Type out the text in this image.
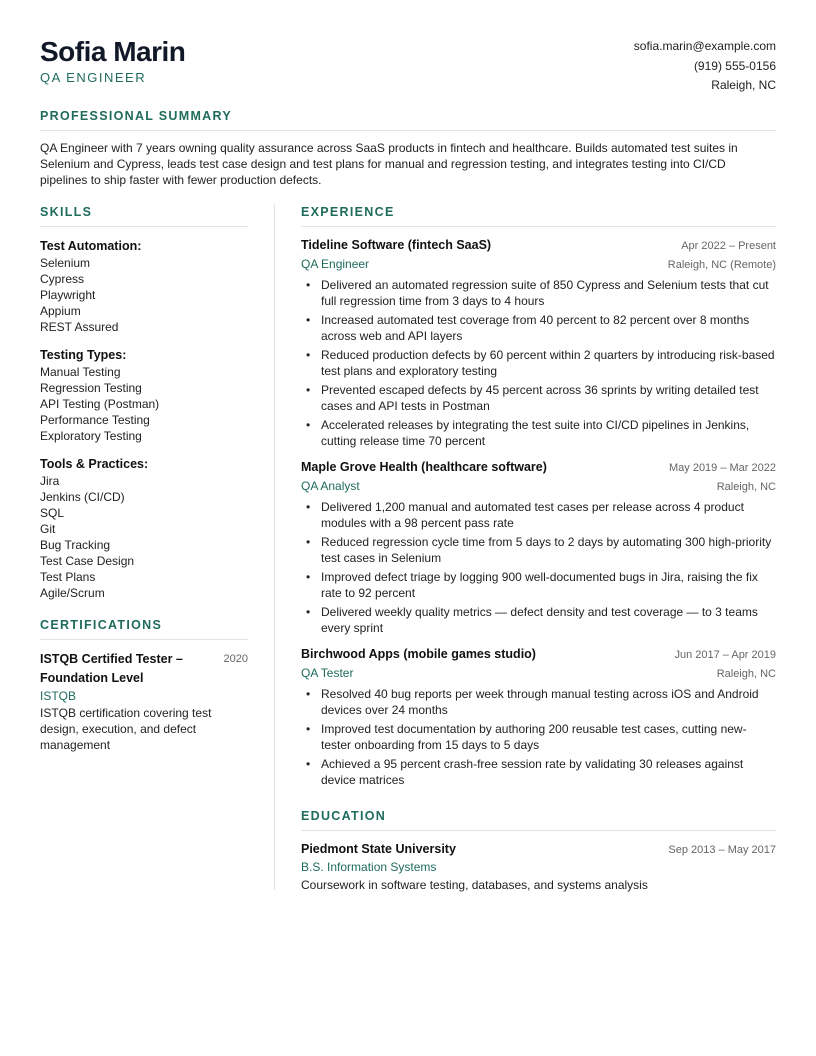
Sofia Marin
QA ENGINEER
sofia.marin@example.com
(919) 555-0156
Raleigh, NC
PROFESSIONAL SUMMARY
QA Engineer with 7 years owning quality assurance across SaaS products in fintech and healthcare. Builds automated test suites in Selenium and Cypress, leads test case design and test plans for manual and regression testing, and integrates testing into CI/CD pipelines to ship faster with fewer production defects.
SKILLS
Test Automation:
Selenium
Cypress
Playwright
Appium
REST Assured
Testing Types:
Manual Testing
Regression Testing
API Testing (Postman)
Performance Testing
Exploratory Testing
Tools & Practices:
Jira
Jenkins (CI/CD)
SQL
Git
Bug Tracking
Test Case Design
Test Plans
Agile/Scrum
CERTIFICATIONS
ISTQB Certified Tester – Foundation Level
2020
ISTQB
ISTQB certification covering test design, execution, and defect management
EXPERIENCE
Tideline Software (fintech SaaS)	Apr 2022 – Present
QA Engineer	Raleigh, NC (Remote)
• Delivered an automated regression suite of 850 Cypress and Selenium tests that cut full regression time from 3 days to 4 hours
• Increased automated test coverage from 40 percent to 82 percent over 8 months across web and API layers
• Reduced production defects by 60 percent within 2 quarters by introducing risk-based test plans and exploratory testing
• Prevented escaped defects by 45 percent across 36 sprints by writing detailed test cases and API tests in Postman
• Accelerated releases by integrating the test suite into CI/CD pipelines in Jenkins, cutting release time 70 percent
Maple Grove Health (healthcare software)	May 2019 – Mar 2022
QA Analyst	Raleigh, NC
• Delivered 1,200 manual and automated test cases per release across 4 product modules with a 98 percent pass rate
• Reduced regression cycle time from 5 days to 2 days by automating 300 high-priority test cases in Selenium
• Improved defect triage by logging 900 well-documented bugs in Jira, raising the fix rate to 92 percent
• Delivered weekly quality metrics — defect density and test coverage — to 3 teams every sprint
Birchwood Apps (mobile games studio)	Jun 2017 – Apr 2019
QA Tester	Raleigh, NC
• Resolved 40 bug reports per week through manual testing across iOS and Android devices over 24 months
• Improved test documentation by authoring 200 reusable test cases, cutting new-tester onboarding from 15 days to 5 days
• Achieved a 95 percent crash-free session rate by validating 30 releases against device matrices
EDUCATION
Piedmont State University	Sep 2013 – May 2017
B.S. Information Systems
Coursework in software testing, databases, and systems analysis
